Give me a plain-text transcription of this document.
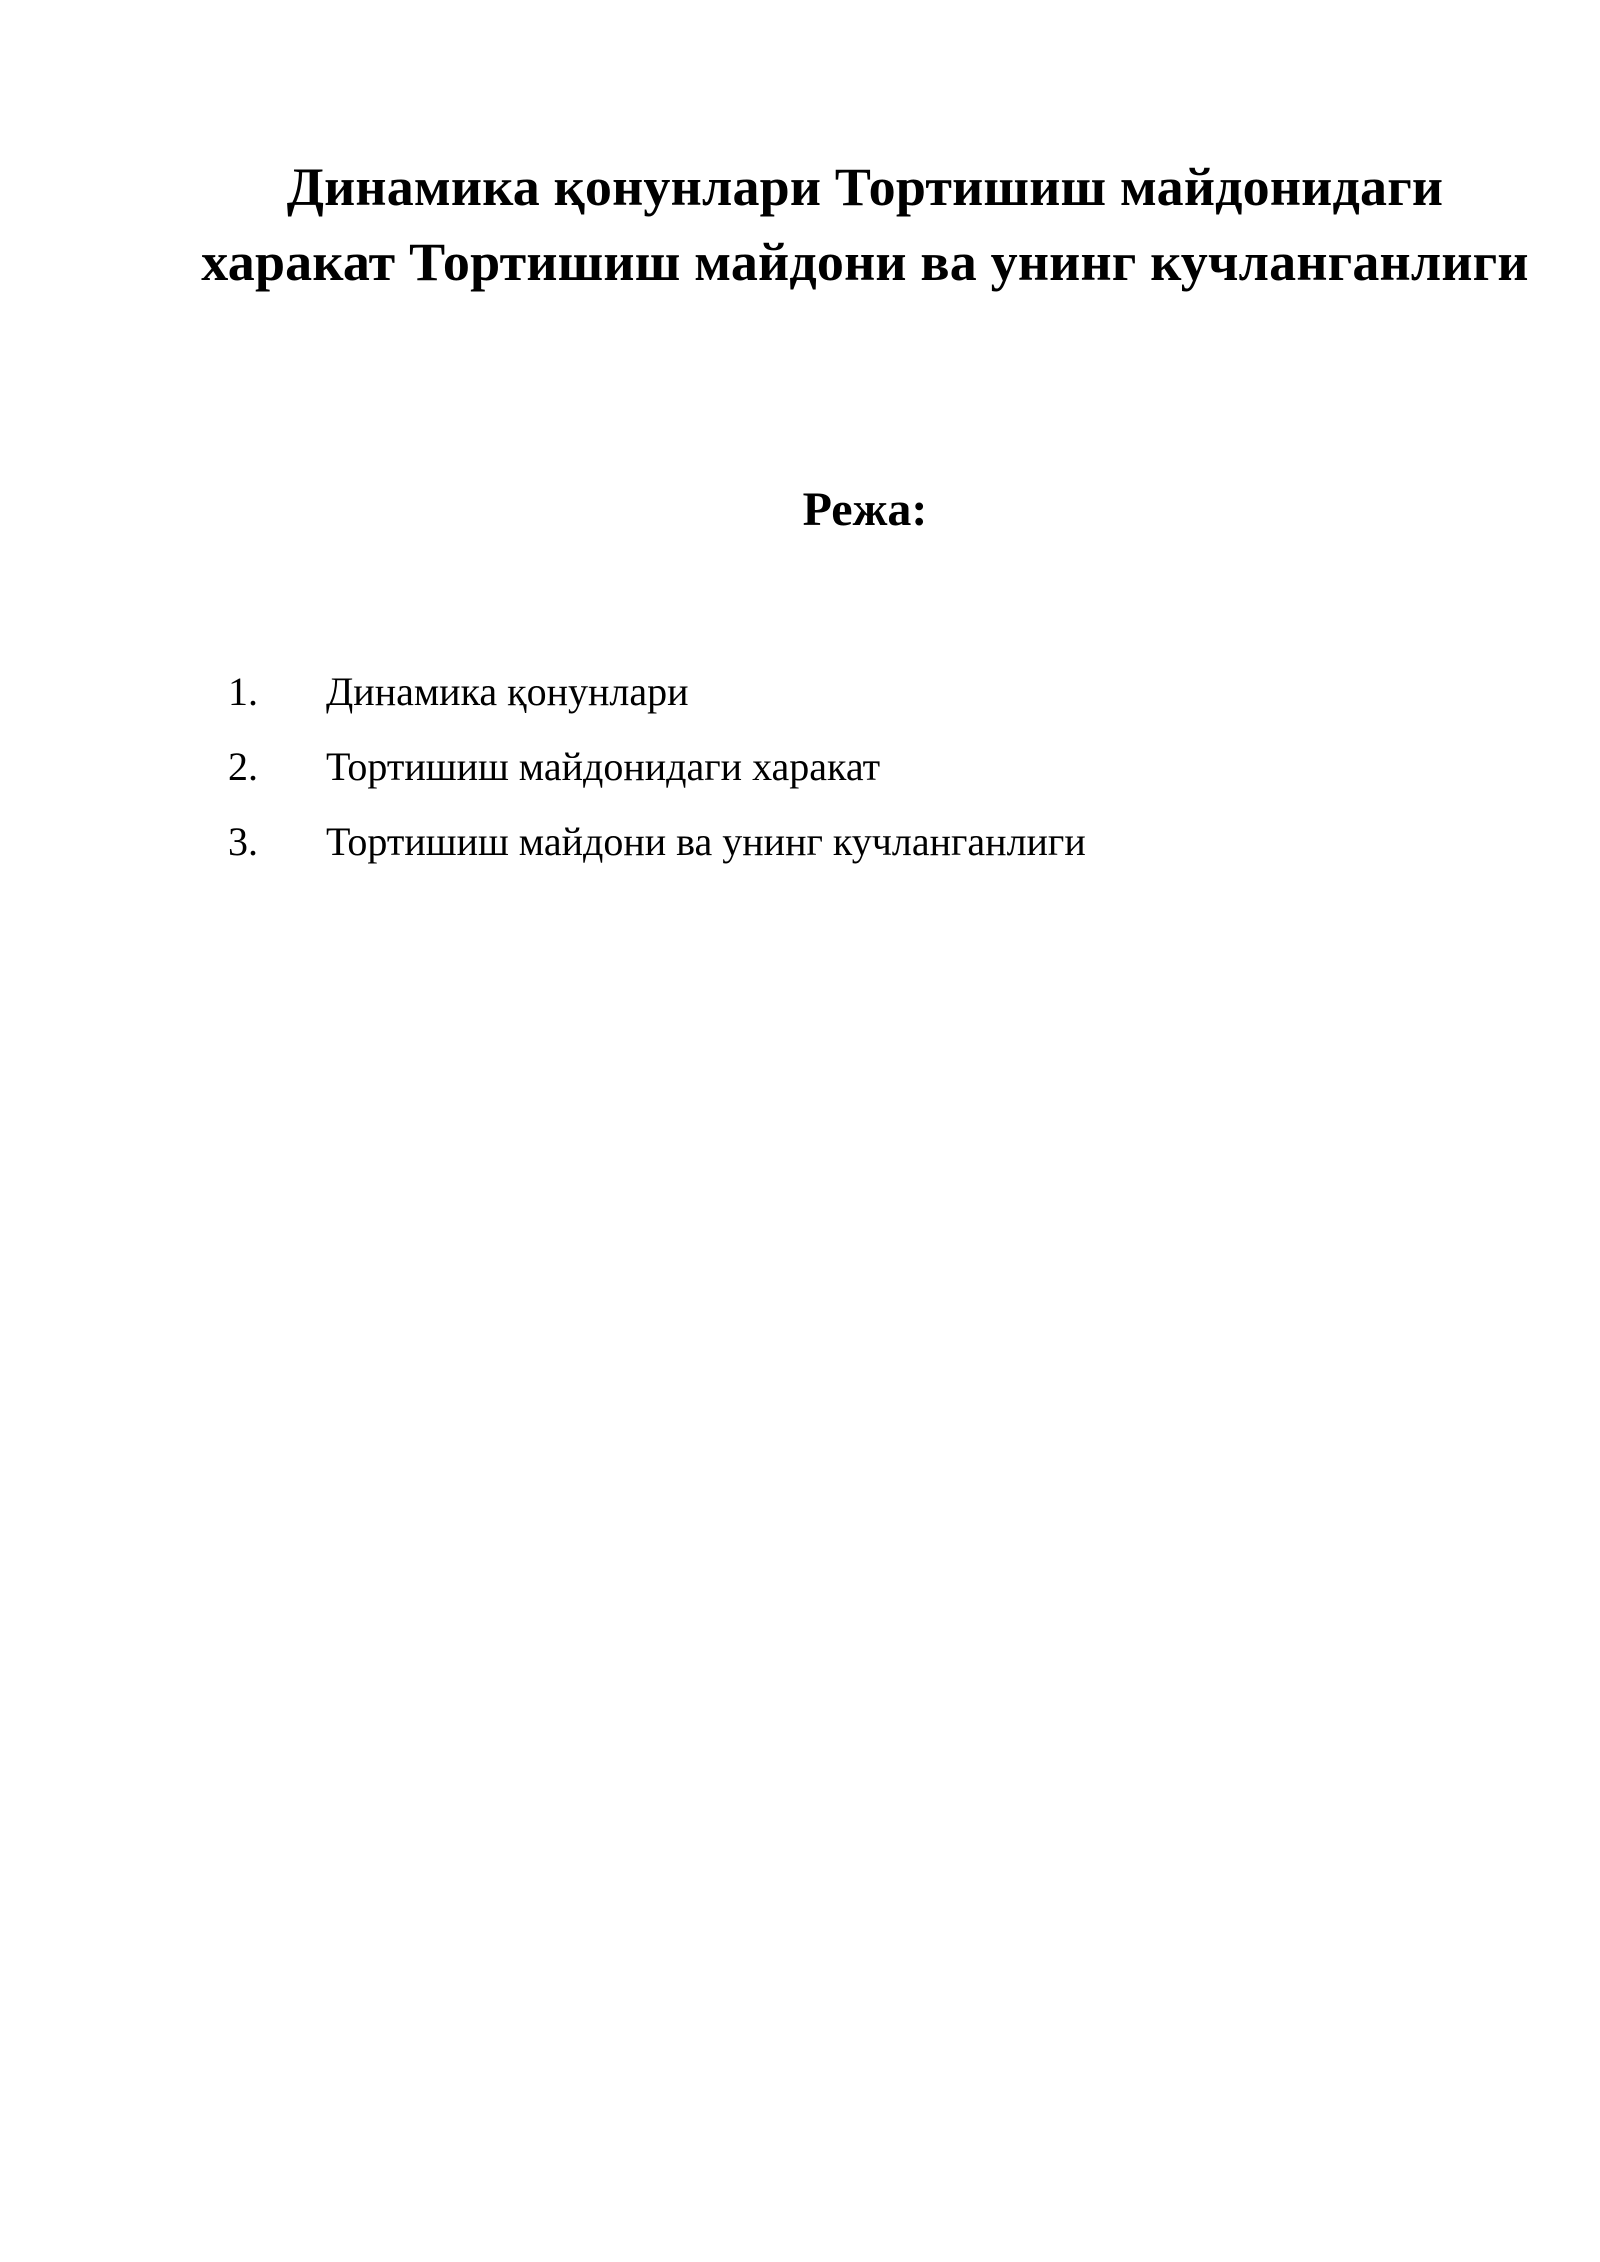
Динамика қонунлари Тортишиш майдонидаги харакат Тортишиш майдони ва унинг кучланганлиги
Режа:
1.	Динамика қонунлари
2.	Тортишиш майдонидаги харакат
3.	Тортишиш майдони ва унинг кучланганлиги
